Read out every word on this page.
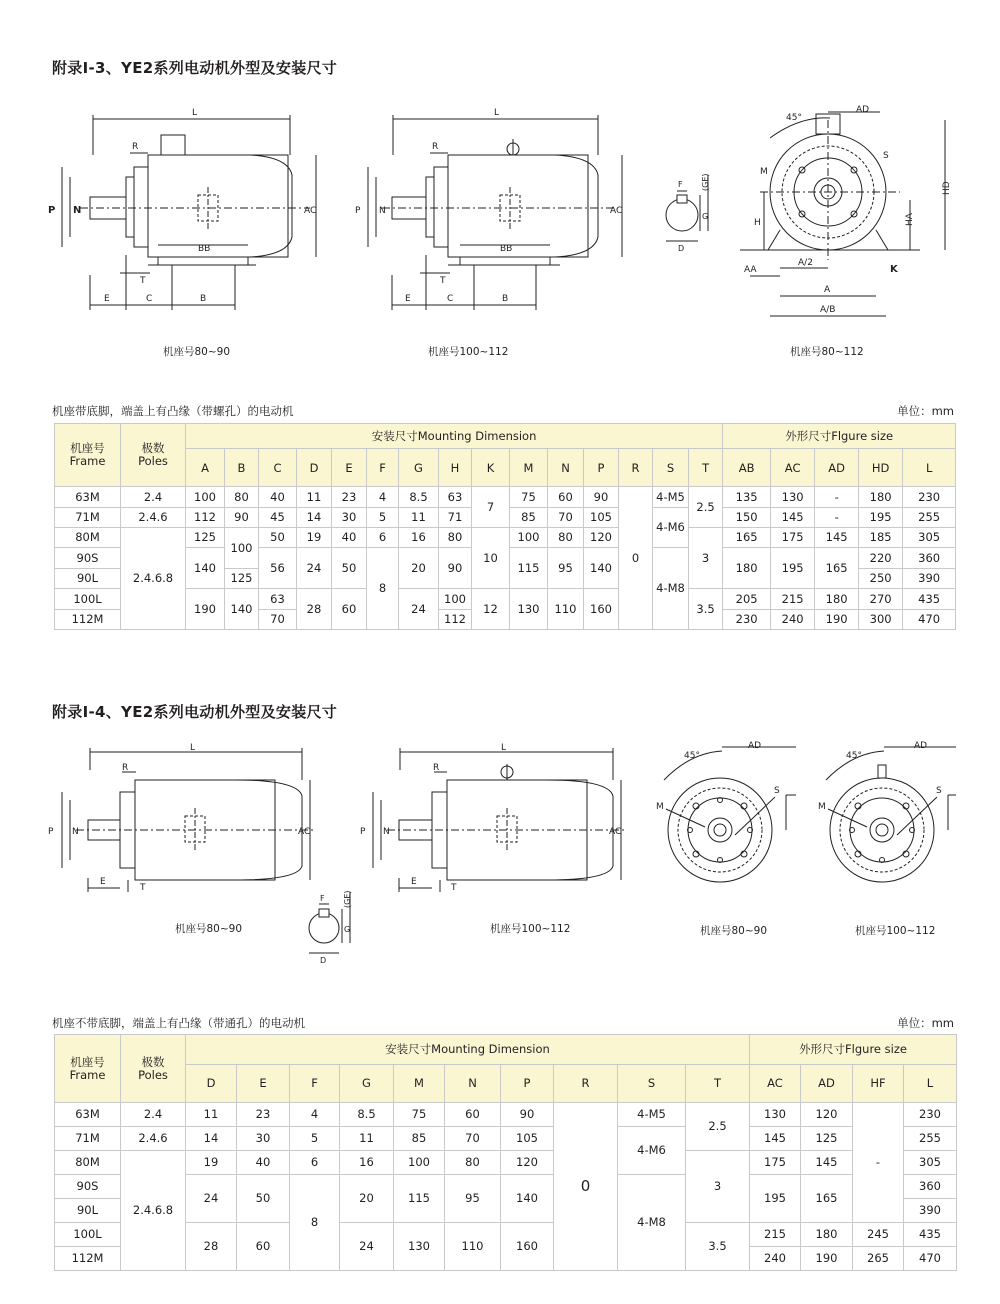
附录I-3、YE2系列电动机外型及安装尺寸
L
R
P N	AC
BB
E	C	B
T
L
R
P N	AC
BB
E	C	B
T
(GE)
F
G
D
45°
AD
M
S
HD
H	HA
AA
A/2
K
A
A/B
机座号80~90	机座号100~112	机座号80~112
机座带底脚，端盖上有凸缘（带螺孔）的电动机	单位：mm
机座号
Frame	极数
Poles	安装尺寸Mounting Dimension															外形尺寸Flgure size				
		A	B	C	D	E	F	G	H	K	M	N	P	R	S	T	AB	AC	AD	HD	L
63M	2.4	100	80	40	11	23	4	8.5	63	7	75	60	90	0	4-M5	2.5	135	130	-	180	230
71M	2.4.6	112	90	45	14	30	5	11	71		85	70	105		4-M6		150	145	-	195	255
80M	2.4.6.8	125	100	50	19	40	6	16	80	10	100	80	120			3	165	175	145	185	305
90S		140		56	24	50	8	20	90		115	95	140		4-M8		180	195	165	220	360
90L			125																	250	390
100L		190	140	63	28	60		24	100	12	130	110	160			3.5	205	215	180	270	435
112M				70					112								230	240	190	300	470
附录I-4、YE2系列电动机外型及安装尺寸
L
R
P N	AC
E
T
L
R
P N	AC
E
T
(GE)
F
G
D
45°
AD
M
S
45°
AD
M
S
机座号80~90	机座号100~112	机座号80~90	机座号100~112
机座不带底脚，端盖上有凸缘（带通孔）的电动机	单位：mm
机座号
Frame	极数
Poles	安装尺寸Mounting Dimension										外形尺寸Flgure size			
		D	E	F	G	M	N	P	R	S	T	AC	AD	HF	L
63M	2.4	11	23	4	8.5	75	60	90	0	4-M5	2.5	130	120	-	230
71M	2.4.6	14	30	5	11	85	70	105		4-M6		145	125		255
80M	2.4.6.8	19	40	6	16	100	80	120			3	175	145		305
90S		24	50	8	20	115	95	140		4-M8		195	165		360
90L															390
100L		28	60		24	130	110	160			3.5	215	180	245	435
112M												240	190	265	470
